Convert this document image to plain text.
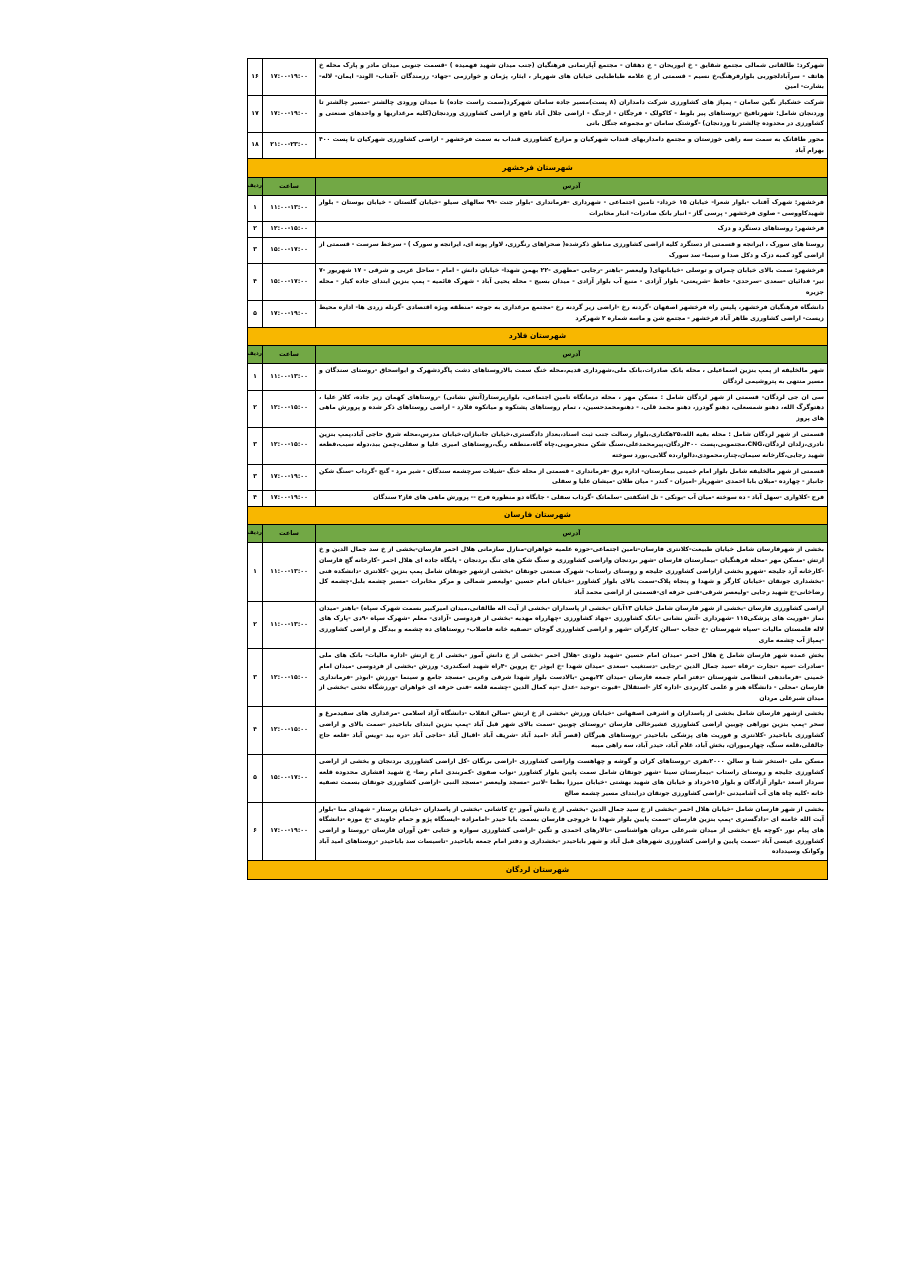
شهرکرد: طالقانی شمالی مجتمع شقایق - خ ابوریحان - خ دهقان - مجتمع آپارتمانی فرهنگیان (جنب میدان شهید فهمیده ) -قسمت جنوبی میدان مادر و پارک محله خ هاتف - سرآبادلجوربی بلوارفرهنگ،خ نسیم - قسمتی از خ علامه طباطبایی خیابان های شهربار ، ایثار، پژمان و خوارزمی -جهاد- رزمندگان -آفتاب- الوند- ایمان- لاله- بشارت- امین	۱۷:۰۰-۱۹:۰۰	۱۶
شرکت خشکبار نگین سامان - پمپاژ های کشاورزی شرکت دامداران (۸ پست)مسیر جاده سامان شهرکرد(سمت راست جاده) تا میدان ورودی چالشتر -مسیر چالشتر تا وردنجان شامل: شهرتافیخ -روستاهای پیر بلوط - کاکولک - فرجگان - ارجنگ - اراضی جلال آباد نافج و اراضی کشاورزی وردنجان(کلیه مرغداریها و واحدهای صنعتی و کشاورزی در محدوده چالشتر تا وردنجان) -گوشتک سامان -و مجموعه جنگل بانی	۱۷:۰۰-۱۹:۰۰	۱۷
محور طاقانک به سمت سه راهی خوزستان و مجتمع دامداربهای قنداب شهرکیان و مزارع کشاورزی قنداب به سمت فرخشهر - اراضی کشاورزی شهرکیان تا پست ۴۰۰ بهرام آباد	۲۱:۰۰-۲۳:۰۰	۱۸
شهرستان فرخشهر		
آدرس	ساعت	ردیف
فرخشهر: شهرک آفتاب -بلوار شعرا- خیابان ۱۵ خرداد- تامین اجتماعی - شهرداری -فرمانداری -بلوار جنت -۹۹ سالهای سیلو -خیابان گلستان - خیابان بوستان - بلوار شهیدکاووسی - صلوی فرخشهر - پرسی گاز - انبار بانک صادرات- انبار مخابرات	۱۱:۰۰-۱۳:۰۰	۱
فرخشهر: روستاهای دستگرد و دزک	۱۲:۰۰-۱۵:۰۰	۲
روستا های سورک ، ایرانجه و قسمتی از دستگرد کلیه اراضی کشاورزی مناطق ذکرشده( صحراهای رنگرزی، لاوار پونه ای، ایرانجه و سورک ) - سرخط سرست - قسمتی از اراضی گود کمبه دزک و دکل صدا و سیما- سد سورک	۱۵:۰۰-۱۷:۰۰	۳
فرخشهر: سمت بالای خیابان چمران و توسلی -خیابانهای( ولیعصر -باهنر -رجایی -مطهری -۲۲ بهمن شهدا- خیابان دانش - امام - ساحل غربی و شرقی - ۱۷ شهریور -۷ تیر- فدائیان -سعدی -سرحدی- حافظ -شریعتی- بلوار آزادی - منبع آب بلوار آزادی - میدان بسیج - محله یحیی آباد - شهرک قائمیه - پمپ بنزین ابتدای جاده کیار - محله جزیره	۱۵:۰۰-۱۷:۰۰	۴
دانشگاه فرهنگیان فرخشهر، پلیس راه فرخشهر اصفهان -گردنه رخ -اراضی زیر گردنه رخ -مجتمع مرغداری به جوجه -منطقه ویژه اقتصادی -گرنله زردی ها- اداره محیط زیست- اراضی کشاورزی طاهر آباد فرخشهر - مجتمع شن و ماسه شماره ۲ شهرکرد	۱۷:۰۰-۱۹:۰۰	۵
شهرستان فلارد		
آدرس	ساعت	ردیف
شهر مالخلیفه از پمپ بنزین اسماعیلی ، محله بانک صادرات،بانک ملی،شهرداری قدیم،محله خنگ سمت بالاروستاهای دشت پاگردشهرک و ابواسحاق -روستای سندگان و مسیر منتهی به پتروشیمی لردگان	۱۱:۰۰-۱۳:۰۰	۱
سی ان جی لردگان- قسمتی از شهر لردگان شامل : مسکن مهر ، محله درمانگاه تامین اجتماعی، بلوارپرستار(آتش نشانی) -روستاهای کهمان زیر جاده، کلار علیا ، دهتوگرگ الله، دهنو شمسعلی، دهنو گودرز، دهنو محمد قلی، - دهنومحمدحسین، ، تمام روستاهای پشتکوه و میانکوه فلارد - اراضی روستاهای ذکر شده و پرورش ماهی های پروز	۱۲:۰۰-۱۵:۰۰	۲
قسمتی از شهر لردگان شامل : محله بقیه الله،۲۵هکتاری،بلوار رسالت جنب ثبت اسناد،بعداز دادگستری،خیابان جانبازان،خیابان مدرس،محله شرق حاجی آباد،پمپ بنزین نادری،زلدان لردگان،CNG،مجتموبی،پست ۴۰۰لردگان،پیرمحمدعلی،سنگ شکن منجرموبی،چاه گاه،منطقه ربگ،روستاهای امیری علیا و سفلی،چمن ببد،دوله سیب،قطعه شهید رجایی،کارخانه سیمان،چنار،محمودی،دالوار،ده گلابی،بورد سوخته	۱۲:۰۰-۱۵:۰۰	۳
قسمتی از شهر مالخلیفه شامل بلوار امام خمینی بیمارستان- اداره برق -فرمانداری - قسمتی از محله خنگ -شیلات سرچشمه سندگان - شیر مرد - گنج -گرداب -سنگ شکن جانباز - چهارده -میلان بابا احمدی -شهریار -امیران - کندر - میان طلان -میشان علیا و سفلی	۱۷:۰۰-۱۹:۰۰	۳
فرح -کلاواری -سهل آباد - ده سوخته -میان آب -بونکی - تل اشکفتی -سلماتک -گرداب سفلی - جابگاه دو منظوره فرح -- پرورش ماهی های فاز۲ سندگان	۱۷:۰۰-۱۹:۰۰	۴
شهرستان فارسان		
آدرس	ساعت	ردیف
بخشی از شهرفارسان شامل خیابان طبیعت-کلانتری فارسان-تامین اجتماعی-حوزه علمیه خواهران-منازل سازمانی هلال احمر فارسان-بخشی از خ سد جمال الدین و خ ارتش -مسکن مهر -محله فرهنگیان -بیمارستان فارسان -شهر بردنجان واراضی کشاورزی و سنگ شکن های تنگ بردنجان - پایگاه جاده ای هلال احمر -کارخانه گچ فارسان -کارخانه آرد جلیجه -شهرو بخشی ازاراضی کشاورزی جلیجه و روستای راستاب- شهرک صنعتی جونقان -بخشی ازشهر جونقان شامل پمپ بنزین -کلانتری -دانشکده فنی -بخشداری جونقان -خیابان کارگر و شهدا و پنجاه پلاک-سمت بالای بلوار کشاورز -خیابان امام حسین -ولیعصر شمالی و مرکز مخابرات -مسیر چشمه بلبل-چشمه کل رضاخانی-خ شهید رجایی -ولیعصر شرقی-فنی حرفه ای-قسمتی از اراضی محمد آباد	۱۱:۰۰-۱۳:۰۰	۱
اراضی کشاورزی فارسان -بخشی از شهر فارسان شامل خیابان ۱۳آبان -بخشی از پاسداران -بخشی از آیت اله طالقانی،میدان امیرکبیر بسمت شهرک سپاه) -باهنر -میدان نماز -فوریت های پزشکی۱۱۵ -شهرداری -آتش نشانی -بانک کشاورزی -جهاد کشاورزی -چهارراه مهدیه -بخشی از فردوسی -آزادی- معلم -شهرک سپاه -۹دی -پارک های لاله قلمستان مالیات -سپاه شهرستان -خ حجاب -سالن کارگران -شهر و اراضی کشاورزی گوجان -تصفیه خانه فاضلاب- روستاهای ده چشمه و بیدگل و اراضی کشاورزی -پمپاژ آب چشمه ماری	۱۱:۰۰-۱۳:۰۰	۲
بخش عمده شهر فارسان شامل خ هلال احمر -میدان امام حسین -شهید دلودی -هلال احمر -بخشی از خ دانش آموز -بخشی از خ ارتش -اداره مالیات- بانک های ملی -صادرات -سپه -تجارت -رفاه -سید جمال الدین -رجایی -دستغیب -سعدی -میدان شهدا -خ ابوذر -خ پروین -۴راه شهید اسکندری- ورزش -بخشی از فردوسی -میدان امام خمینی -فرماندهی انتظامی شهرستان -دفتر امام جمعه فارسان -میدان ۲۲بهمن -بالادست بلوار شهدا شرقی وغربی -مسجد جامع و سینما -ورزش -ابوذر -فرمانداری فارسان -محلی - دانشگاه هنر و علمی کاربردی -اداره کار -استقلال -قبوت -توحید -عدل -تپه کمال الدین -چشمه قلعه -فنی حرفه ای خواهران -ورزشگاه تختی -بخشی از میدان شبرعلی مردان	۱۲:۰۰-۱۵:۰۰	۳
بخشی ازشهر فارسان شامل بخشی از پاسداران و اشرفی اصفهانی -خیابان ورزش -بخشی از خ ارتش -سالن انقلاب -دانشگاه آزاد اسلامی -مرغداری های سفیدمرغ و سحر -پمپ بنزین نوراهی چوبین اراضی کشاورزی عشیرخالی فارسان -روستای چوبین -سمت بالای شهر قبل آباد -پمپ بنزین ابتدای باباحیدر -سمت بالای و اراضی کشاورزی باباحیدر -کلانتری و فوریت های پزشکی باباحیدر -روستاهای هیرگان (قصر آباد -امید آباد -شریف آباد -اقبال آباد -حاجی آباد -دره بید -ویس آباد -قلعه حاج جالقلی،قلعه سنگ، چهارمیوران، بخش آباد، غلام آباد، حیدر آباد، سه راهی میبه	۱۲:۰۰-۱۵:۰۰	۴
مسکن ملی -استخر شنا و سالن ۲۰۰۰نفری -روستاهای کران و گوشه و چهاهست واراضی کشاورزی -اراضی برنگان -کل اراضی کشاورزی بردنجان و بخشی از اراضی کشاورزی جلیجه و روستای راستاب -بیمارستان سینا -شهر جونقان شامل سمت پایین بلوار کشاورز -نواب صفوی -کمربندی امام رضا- خ شهید افشاری محدوده قلعه سردار اسعد -بلوار آزادگان و بلوار ۱۵خرداد و خیابان های شهید بهشتی -خیابان میرزا بطما -لاتبر -مسجد ولیعصر -مسجد النبی -اراضی کشاورزی جونقان بسمت تصفیه خانه -کلیه چاه های آب آشامیدنی -اراضی کشاورزی جونقان درابتدای مسیر چشمه صالح	۱۵:۰۰-۱۷:۰۰	۵
بخشی از شهر فارسان شامل -خیابان هلال احمر -بخشی از خ سید جمال الدین -بخشی از خ دانش آموز -خ کاشانی -بخشی از پاسداران -خیابان پرستار - شهدای منا -بلوار آیت الله خامنه ای -دادگستری -پمپ بنزین فارسان -سمت پایین بلوار شهدا تا خروجی فارسان بسمت بابا حیدر -امامزاده -ایستگاه پژو و حمام جاویدی -خ موزه -دانشگاه های پیام نور -کوچه باغ -بخشی از میدان شبرعلی مردان هواشناسی -تالارهای احمدی و تگین -اراضی کشاورزی سوازه و ختایی -فن آوران فارسان -روستا و اراضی کشاورزی عیسی آباد -سمت پایین و اراضی کشاورزی شهرهای قبل آباد و شهر باباحیدر -بخشداری و دفتر امام جمعه باباحیدر -تاسیسات سد باباحیدر -روستاهای امید آباد وکوانک وسیدداده	۱۷:۰۰-۱۹:۰۰	۶
شهرستان لردگان		
